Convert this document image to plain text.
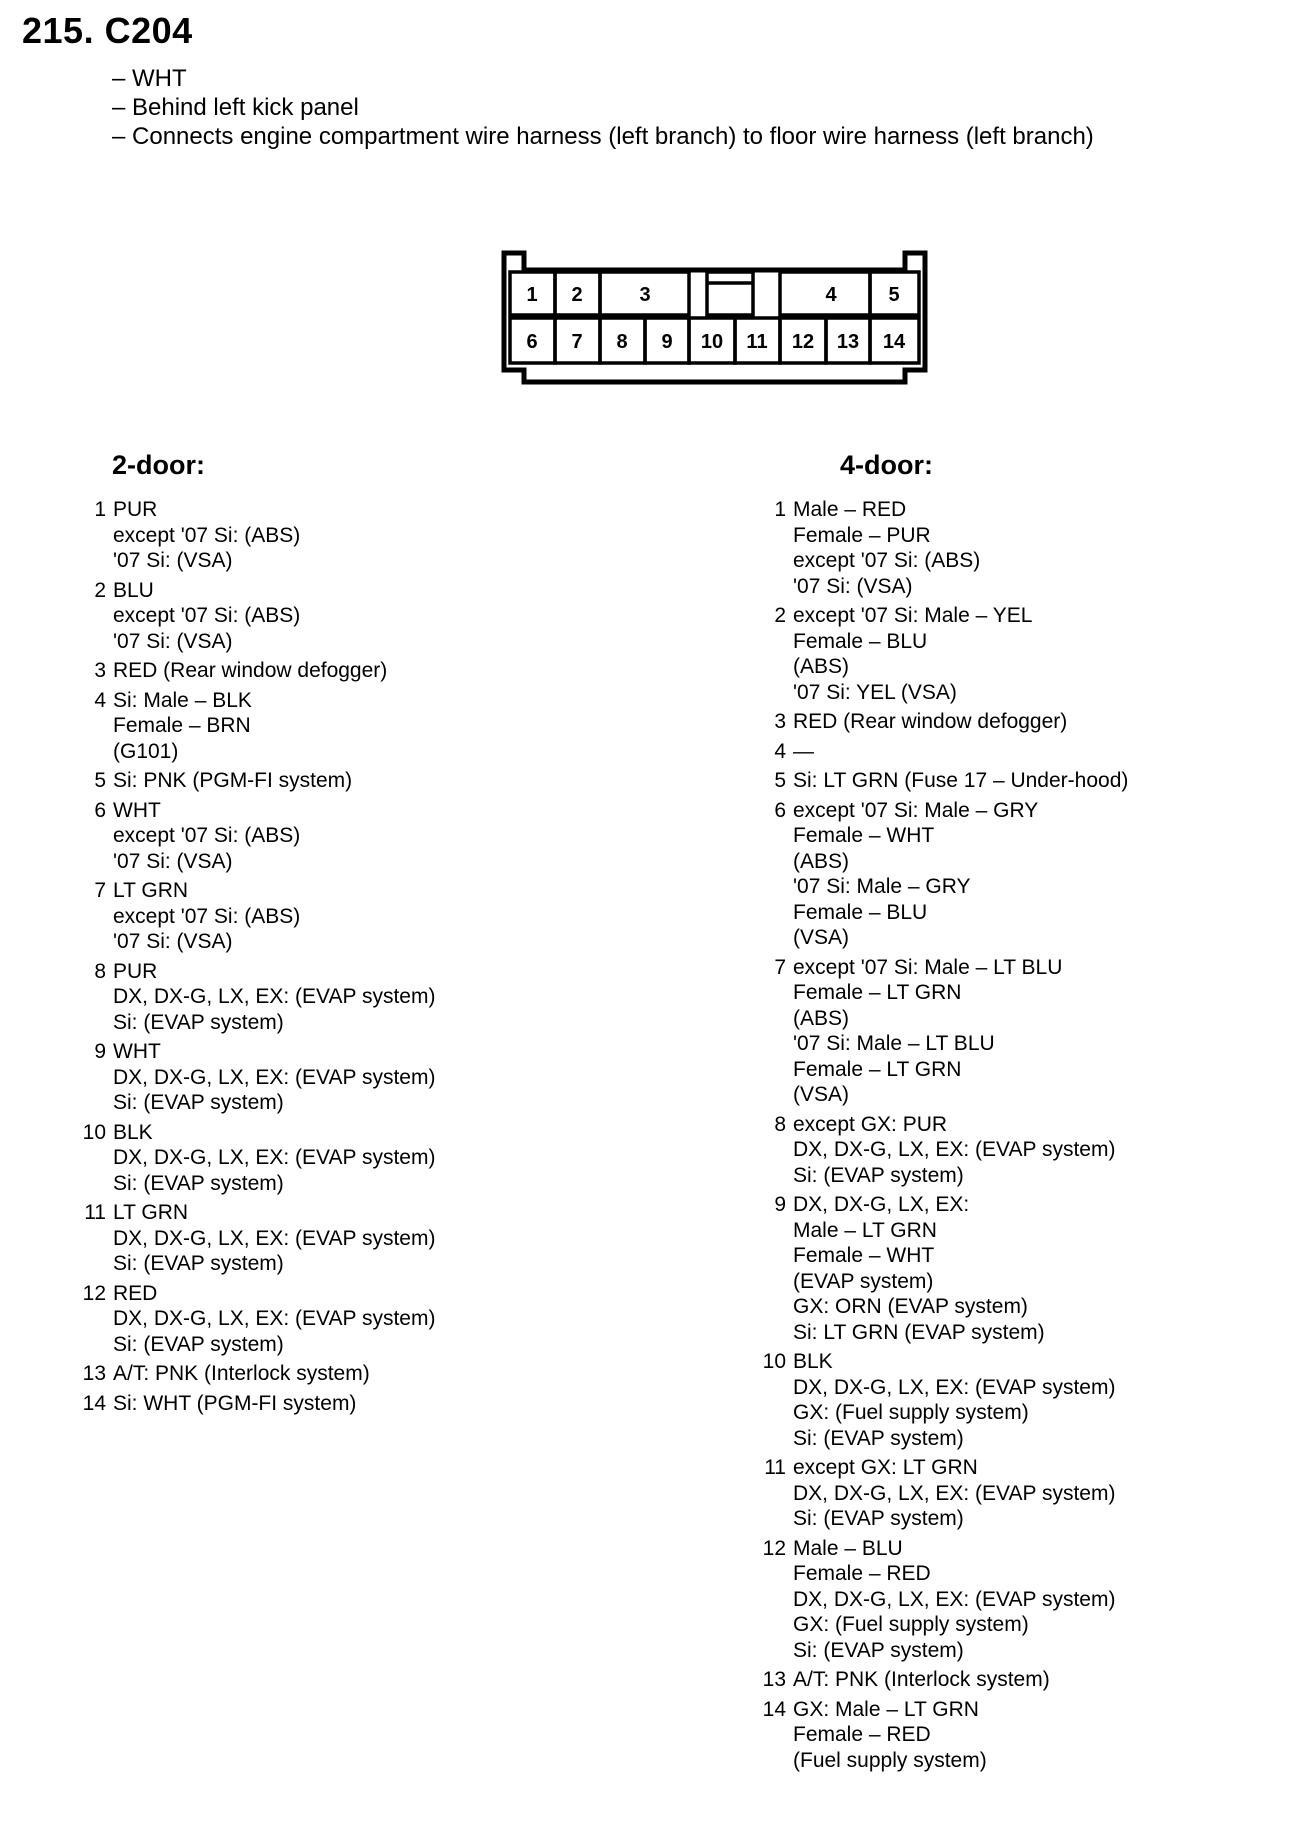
215. C204
– WHT
– Behind left kick panel
– Connects engine compartment wire harness (left branch) to floor wire harness (left branch)
1 2	3	4	5
6 7 8 9 10 11 12 13 14
2-door:
1 PUR
except '07 Si: (ABS)
'07 Si: (VSA)
2 BLU
except '07 Si: (ABS)
'07 Si: (VSA)
3 RED (Rear window defogger)
4 Si: Male – BLK
Female – BRN
(G101)
5 Si: PNK (PGM-FI system)
6 WHT
except '07 Si: (ABS)
'07 Si: (VSA)
7 LT GRN
except '07 Si: (ABS)
'07 Si: (VSA)
8 PUR
DX, DX-G, LX, EX: (EVAP system)
Si: (EVAP system)
9 WHT
DX, DX-G, LX, EX: (EVAP system)
Si: (EVAP system)
10 BLK
DX, DX-G, LX, EX: (EVAP system)
Si: (EVAP system)
11 LT GRN
DX, DX-G, LX, EX: (EVAP system)
Si: (EVAP system)
12 RED
DX, DX-G, LX, EX: (EVAP system)
Si: (EVAP system)
13 A/T: PNK (Interlock system)
14 Si: WHT (PGM-FI system)
4-door:
1 Male – RED
Female – PUR
except '07 Si: (ABS)
'07 Si: (VSA)
2 except '07 Si: Male – YEL
Female – BLU
(ABS)
'07 Si: YEL (VSA)
3 RED (Rear window defogger)
4 —
5 Si: LT GRN (Fuse 17 – Under-hood)
6 except '07 Si: Male – GRY
Female – WHT
(ABS)
'07 Si: Male – GRY
Female – BLU
(VSA)
7 except '07 Si: Male – LT BLU
Female – LT GRN
(ABS)
'07 Si: Male – LT BLU
Female – LT GRN
(VSA)
8 except GX: PUR
DX, DX-G, LX, EX: (EVAP system)
Si: (EVAP system)
9 DX, DX-G, LX, EX:
Male – LT GRN
Female – WHT
(EVAP system)
GX: ORN (EVAP system)
Si: LT GRN (EVAP system)
10 BLK
DX, DX-G, LX, EX: (EVAP system)
GX: (Fuel supply system)
Si: (EVAP system)
11 except GX: LT GRN
DX, DX-G, LX, EX: (EVAP system)
Si: (EVAP system)
12 Male – BLU
Female – RED
DX, DX-G, LX, EX: (EVAP system)
GX: (Fuel supply system)
Si: (EVAP system)
13 A/T: PNK (Interlock system)
14 GX: Male – LT GRN
Female – RED
(Fuel supply system)
